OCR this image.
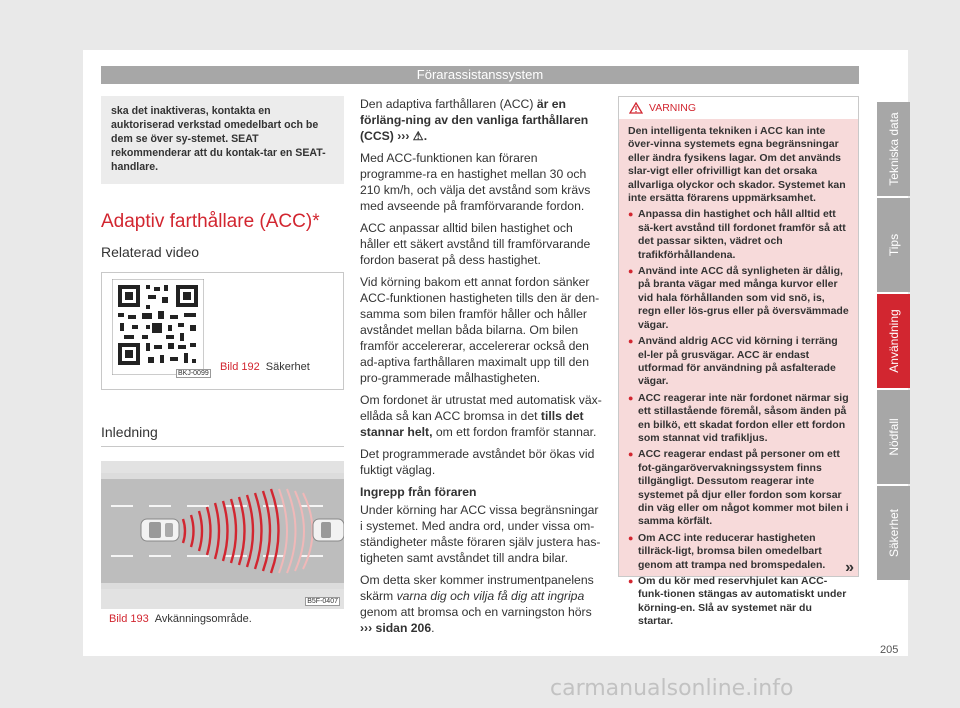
Förarassistanssystem
ska det inaktiveras, kontakta en auktoriserad verkstad omedelbart och be dem se över sy-stemet. SEAT rekommenderar att du kontak-tar en SEAT-handlare.
Adaptiv farthållare (ACC)*
Relaterad video
BKJ-0099
Bild 192 Säkerhet
Inledning
B5F-0407
Bild 193 Avkänningsområde.

Den adaptiva farthållaren (ACC) är en förläng-ning av den vanliga farthållaren (CCS) ››› ⚠.

Med ACC-funktionen kan föraren programme-ra en hastighet mellan 30 och 210 km/h, och välja det avstånd som krävs med avseende på framförvarande fordon.

ACC anpassar alltid bilen hastighet och håller ett säkert avstånd till framförvarande fordon baserat på dess hastighet.

Vid körning bakom ett annat fordon sänker ACC-funktionen hastigheten tills den är den-samma som bilen framför håller och håller avståndet mellan båda bilarna. Om bilen framför accelererar, accelererar också den ad-aptiva farthållaren maximalt upp till den pro-grammerade målhastigheten.

Om fordonet är utrustat med automatisk väx-ellåda så kan ACC bromsa in det tills det stannar helt, om ett fordon framför stannar.

Det programmerade avståndet bör ökas vid fuktigt väglag.

Ingrepp från föraren

Under körning har ACC vissa begränsningar i systemet. Med andra ord, under vissa om-ständigheter måste föraren själv justera has-tigheten samt avståndet till andra bilar.

Om detta sker kommer instrumentpanelens skärm varna dig och vilja få dig att ingripa genom att bromsa och en varningston hörs ››› sidan 206.

VARNING
Den intelligenta tekniken i ACC kan inte över-vinna systemets egna begränsningar eller ändra fysikens lagar. Om det används slar-vigt eller ofrivilligt kan det orsaka allvarliga olyckor och skador. Systemet kan inte ersätta förarens uppmärksamhet.
● Anpassa din hastighet och håll alltid ett sä-kert avstånd till fordonet framför så att det passar sikten, vädret och trafikförhållandena.
● Använd inte ACC då synligheten är dålig, på branta vägar med många kurvor eller vid hala förhållanden som vid snö, is, regn eller lös-grus eller på översvämmade vägar.
● Använd aldrig ACC vid körning i terräng el-ler på grusvägar. ACC är endast utformad för användning på asfalterade vägar.
● ACC reagerar inte när fordonet närmar sig ett stillastående föremål, såsom änden på en bilkö, ett skadat fordon eller ett fordon som stannat vid trafikljus.
● ACC reagerar endast på personer om ett fot-gängarövervakningssystem finns tillgängligt. Dessutom reagerar inte systemet på djur eller fordon som korsar din väg eller om något kommer mot bilen i samma körfält.
● Om ACC inte reducerar hastigheten tillräck-ligt, bromsa bilen omedelbart genom att trampa ned bromspedalen.
● Om du kör med reservhjulet kan ACC-funk-tionen stängas av automatiskt under körning-en. Slå av systemet när du startar.
»
Tekniska data
Tips
Användning
Nödfall
Säkerhet
205
carmanualsonline.info
